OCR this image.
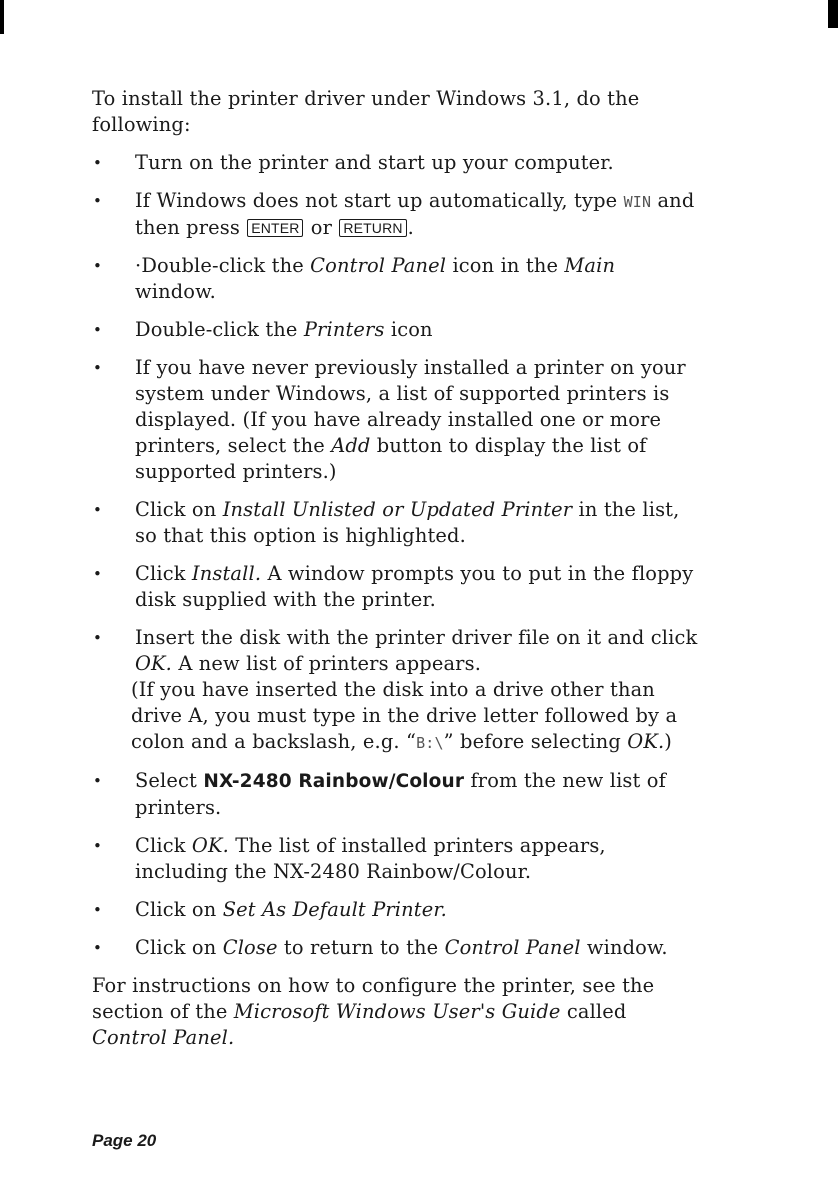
To install the printer driver under Windows 3.1, do the following:

• Turn on the printer and start up your computer.
• If Windows does not start up automatically, type WIN and then press ENTER or RETURN .
• ·Double-click the Control Panel icon in the Main window.
• Double-click the Printers icon
• If you have never previously installed a printer on your system under Windows, a list of supported printers is displayed. (If you have already installed one or more printers, select the Add button to display the list of supported printers.)
• Click on Install Unlisted or Updated Printer in the list, so that this option is highlighted.
• Click Install. A window prompts you to put in the floppy disk supplied with the printer.
• Insert the disk with the printer driver file on it and click OK. A new list of printers appears.
(If you have inserted the disk into a drive other than drive A, you must type in the drive letter followed by a colon and a backslash, e.g. “B:\” before selecting OK.)
• Select NX-2480 Rainbow/Colour from the new list of printers.
• Click OK. The list of installed printers appears, including the NX-2480 Rainbow/Colour.
• Click on Set As Default Printer.
• Click on Close to return to the Control Panel window.

For instructions on how to configure the printer, see the section of the Microsoft Windows User's Guide called Control Panel.

Page 20
